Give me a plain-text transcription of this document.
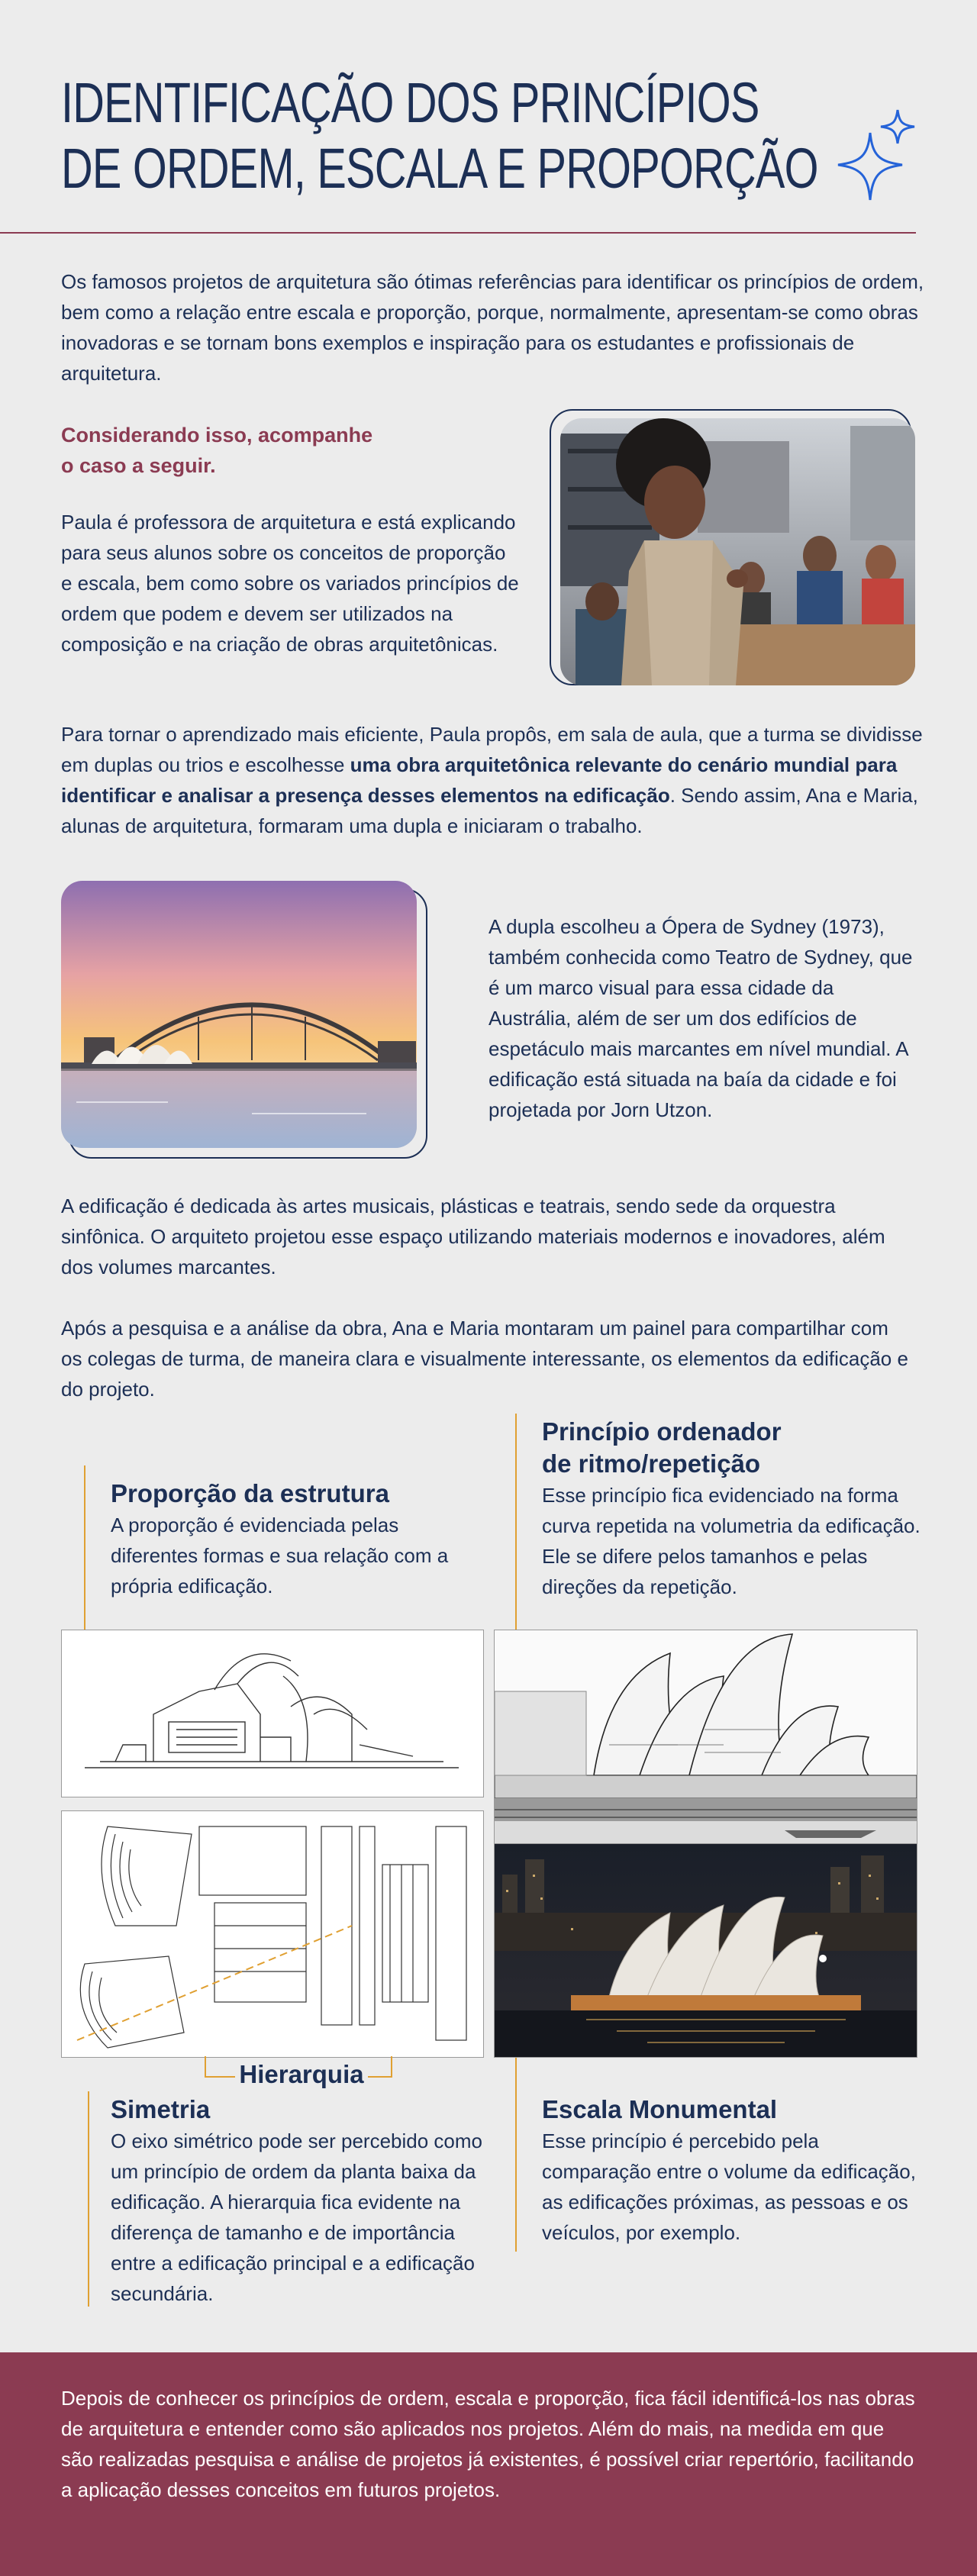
IDENTIFICAÇÃO DOS PRINCÍPIOS
DE ORDEM, ESCALA E PROPORÇÃO
Os famosos projetos de arquitetura são ótimas referências para identificar os princípios de ordem, bem como a relação entre escala e proporção, porque, normalmente, apresentam-se como obras inovadoras e se tornam bons exemplos e inspiração para os estudantes e profissionais de arquitetura.
Considerando isso, acompanhe
o caso a seguir.
Paula é professora de arquitetura e está explicando para seus alunos sobre os conceitos de proporção e escala, bem como sobre os variados princípios de ordem que podem e devem ser utilizados na composição e na criação de obras arquitetônicas.
Para tornar o aprendizado mais eficiente, Paula propôs, em sala de aula, que a turma se dividisse em duplas ou trios e escolhesse uma obra arquitetônica relevante do cenário mundial para identificar e analisar a presença desses elementos na edificação. Sendo assim, Ana e Maria, alunas de arquitetura, formaram uma dupla e iniciaram o trabalho.
A dupla escolheu a Ópera de Sydney (1973), também conhecida como Teatro de Sydney, que é um marco visual para essa cidade da Austrália, além de ser um dos edifícios de espetáculo mais marcantes em nível mundial. A edificação está situada na baía da cidade e foi projetada por Jorn Utzon.
A edificação é dedicada às artes musicais, plásticas e teatrais, sendo sede da orquestra sinfônica. O arquiteto projetou esse espaço utilizando materiais modernos e inovadores, além dos volumes marcantes.
Após a pesquisa e a análise da obra, Ana e Maria montaram um painel para compartilhar com os colegas de turma, de maneira clara e visualmente interessante, os elementos da edificação e do projeto.
Proporção da estrutura
A proporção é evidenciada pelas diferentes formas e sua relação com a própria edificação.
Princípio ordenador
de ritmo/repetição
Esse princípio fica evidenciado na forma curva repetida na volumetria da edificação. Ele se difere pelos tamanhos e pelas direções da repetição.
Hierarquia
Simetria
O eixo simétrico pode ser percebido como um princípio de ordem da planta baixa da edificação. A hierarquia fica evidente na diferença de tamanho e de importância entre a edificação principal e a edificação secundária.
Escala Monumental
Esse princípio é percebido pela comparação entre o volume da edificação, as edificações próximas, as pessoas e os veículos, por exemplo.
Depois de conhecer os princípios de ordem, escala e proporção, fica fácil identificá-los nas obras de arquitetura e entender como são aplicados nos projetos. Além do mais, na medida em que são realizadas pesquisa e análise de projetos já existentes, é possível criar repertório, facilitando a aplicação desses conceitos em futuros projetos.
